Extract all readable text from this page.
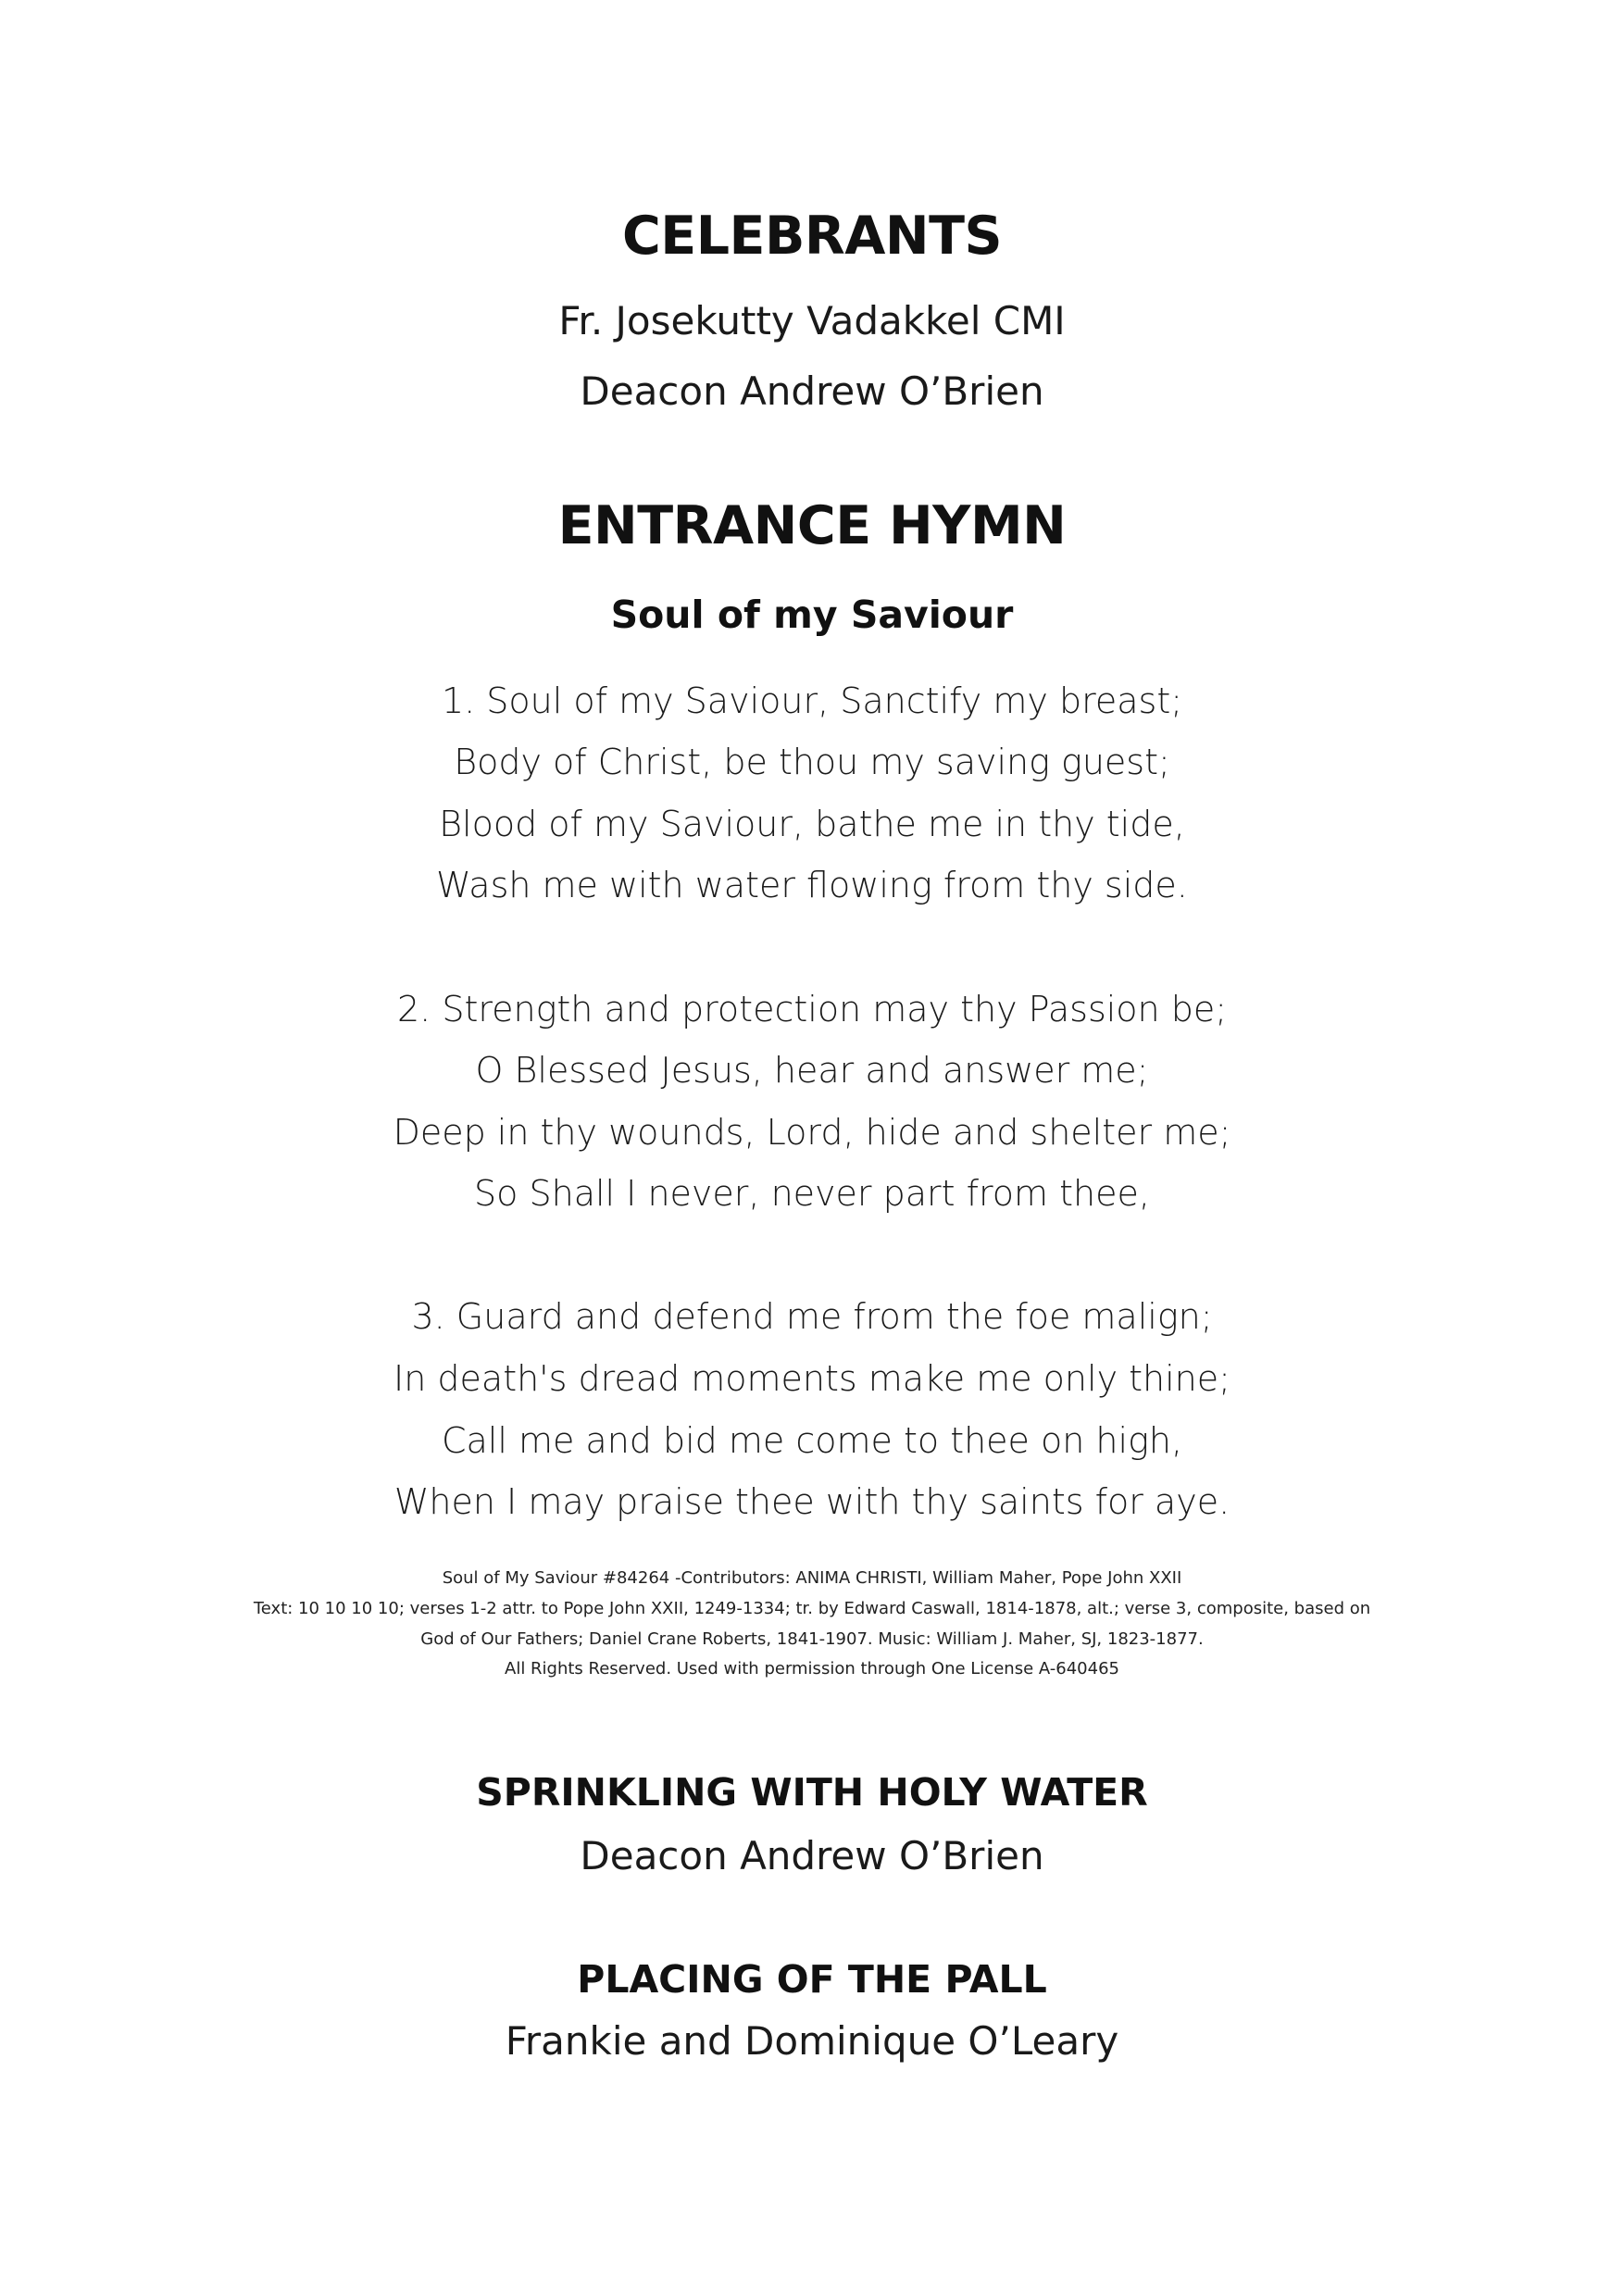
CELEBRANTS
Fr. Josekutty Vadakkel CMI
Deacon Andrew O’Brien
ENTRANCE HYMN
Soul of my Saviour
1. Soul of my Saviour, Sanctify my breast;
Body of Christ, be thou my saving guest;
Blood of my Saviour, bathe me in thy tide,
Wash me with water flowing from thy side.
2. Strength and protection may thy Passion be;
O Blessed Jesus, hear and answer me;
Deep in thy wounds, Lord, hide and shelter me;
So Shall I never, never part from thee,
3. Guard and defend me from the foe malign;
In death's dread moments make me only thine;
Call me and bid me come to thee on high,
When I may praise thee with thy saints for aye.
Soul of My Saviour #84264 -Contributors: ANIMA CHRISTI, William Maher, Pope John XXII
Text: 10 10 10 10; verses 1-2 attr. to Pope John XXII, 1249-1334; tr. by Edward Caswall, 1814-1878, alt.; verse 3, composite, based on
God of Our Fathers; Daniel Crane Roberts, 1841-1907. Music: William J. Maher, SJ, 1823-1877.
All Rights Reserved. Used with permission through One License A-640465
SPRINKLING WITH HOLY WATER
Deacon Andrew O’Brien
PLACING OF THE PALL
Frankie and Dominique O’Leary
